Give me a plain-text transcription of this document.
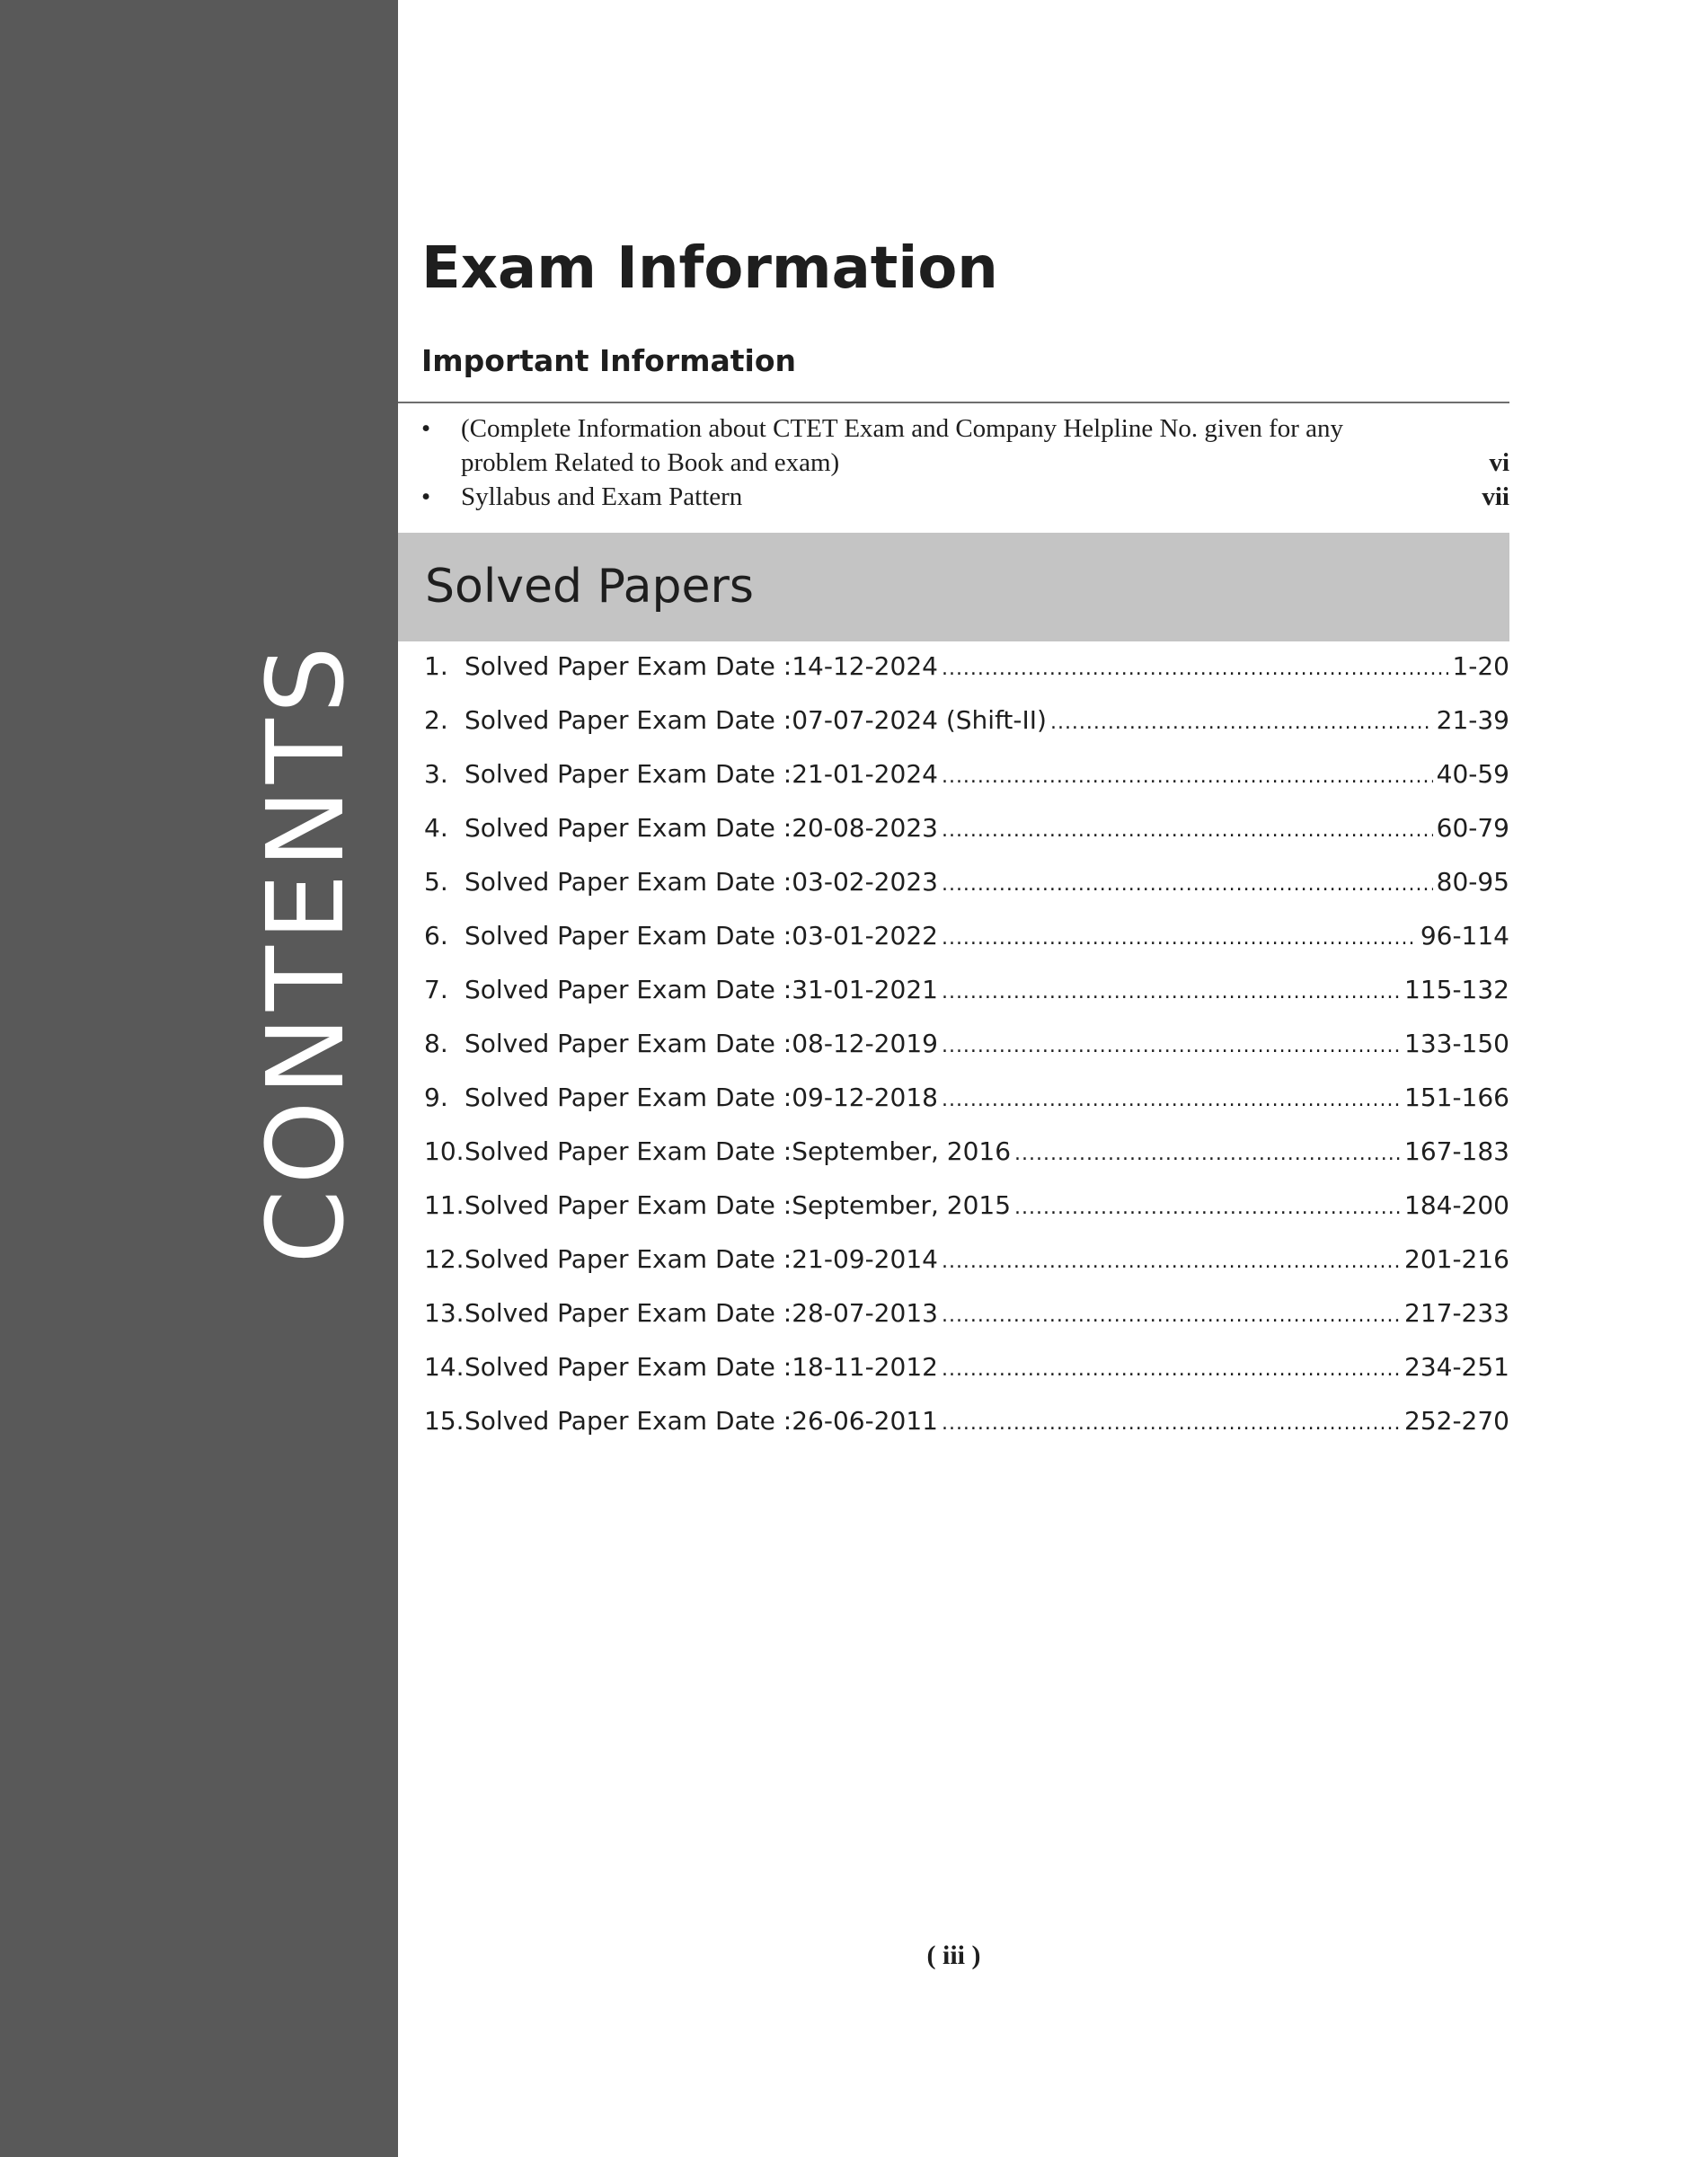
CONTENTS
Exam Information
Important Information
• (Complete Information about CTET Exam and Company Helpline No. given for any
problem Related to Book and exam)	vi
• Syllabus and Exam Pattern	vii
Solved Papers
1. Solved Paper Exam Date : 14-12-2024 .....	1-20
2. Solved Paper Exam Date : 07-07-2024 (Shift-II) .....	21-39
3. Solved Paper Exam Date : 21-01-2024 .....	40-59
4. Solved Paper Exam Date : 20-08-2023 .....	60-79
5. Solved Paper Exam Date : 03-02-2023 .....	80-95
6. Solved Paper Exam Date : 03-01-2022 .....	96-114
7. Solved Paper Exam Date : 31-01-2021 .....	115-132
8. Solved Paper Exam Date : 08-12-2019 .....	133-150
9. Solved Paper Exam Date : 09-12-2018 .....	151-166
10. Solved Paper Exam Date : September, 2016 .....	167-183
11. Solved Paper Exam Date : September, 2015 .....	184-200
12. Solved Paper Exam Date : 21-09-2014 .....	201-216
13. Solved Paper Exam Date : 28-07-2013 .....	217-233
14. Solved Paper Exam Date : 18-11-2012 .....	234-251
15. Solved Paper Exam Date : 26-06-2011 .....	252-270
( iii )
